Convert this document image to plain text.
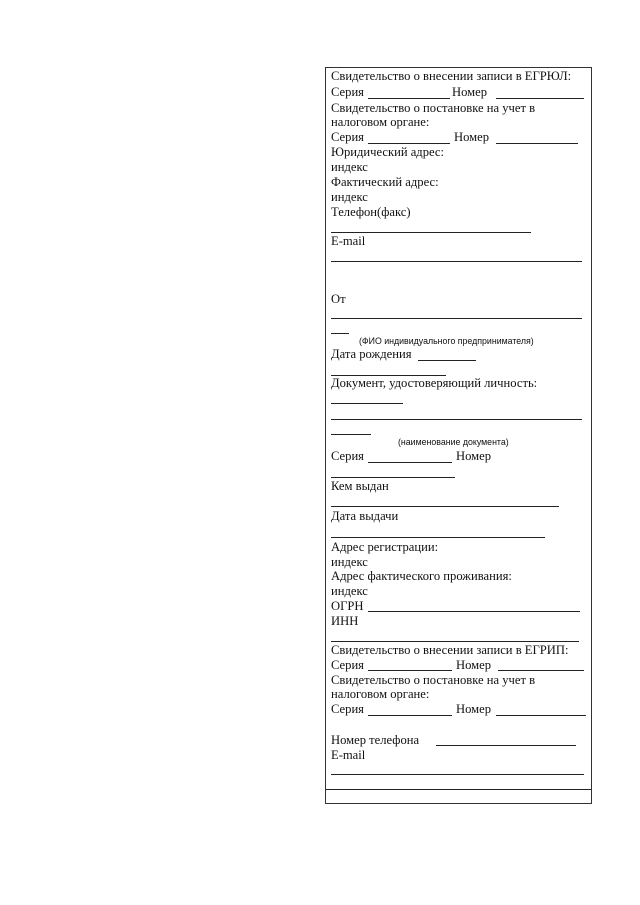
Свидетельство о внесении записи в ЕГРЮЛ:
Серия	Номер
Свидетельство о постановке на учет в
налоговом органе:
Серия	Номер
Юридический адрес:
индекс
Фактический адрес:
индекс
Телефон(факс)
E-mail
От
(ФИО индивидуального предпринимателя)
Дата рождения
Документ, удостоверяющий личность:
(наименование документа)
Серия	Номер
Кем выдан
Дата выдачи
Адрес регистрации:
индекс
Адрес фактического проживания:
индекс
ОГРН
ИНН
Свидетельство о внесении записи в ЕГРИП:
Серия	Номер
Свидетельство о постановке на учет в
налоговом органе:
Серия	Номер
Номер телефона
E-mail
